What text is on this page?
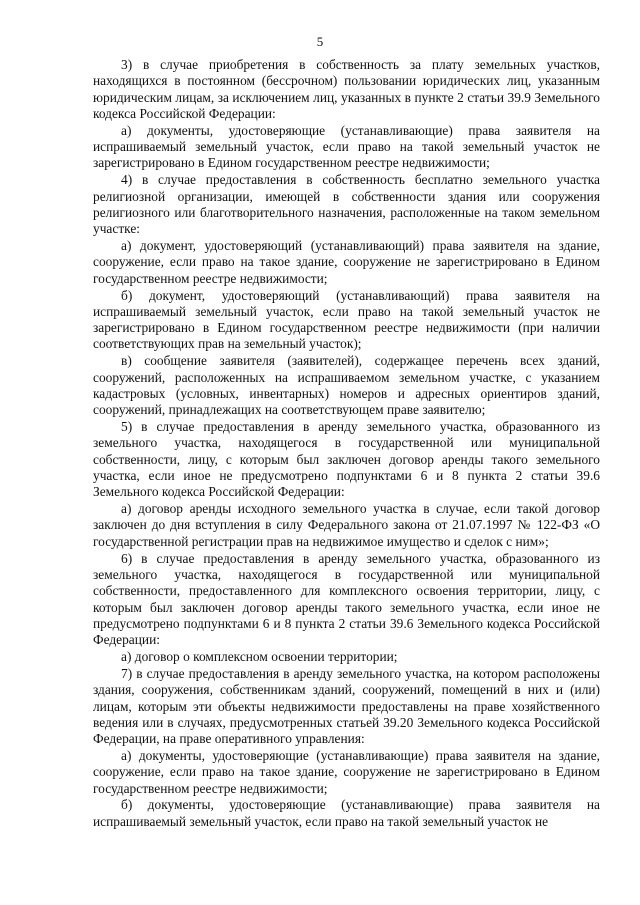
5

3) в случае приобретения в собственность за плату земельных участков, находящихся в постоянном (бессрочном) пользовании юридических лиц, указанным юридическим лицам, за исключением лиц, указанных в пункте 2 статьи 39.9 Земельного кодекса Российской Федерации:

а) документы, удостоверяющие (устанавливающие) права заявителя на испрашиваемый земельный участок, если право на такой земельный участок не зарегистрировано в Едином государственном реестре недвижимости;

4) в случае предоставления в собственность бесплатно земельного участка религиозной организации, имеющей в собственности здания или сооружения религиозного или благотворительного назначения, расположенные на таком земельном участке:

а) документ, удостоверяющий (устанавливающий) права заявителя на здание, сооружение, если право на такое здание, сооружение не зарегистрировано в Едином государственном реестре недвижимости;

б) документ, удостоверяющий (устанавливающий) права заявителя на испрашиваемый земельный участок, если право на такой земельный участок не зарегистрировано в Едином государственном реестре недвижимости (при наличии соответствующих прав на земельный участок);

в) сообщение заявителя (заявителей), содержащее перечень всех зданий, сооружений, расположенных на испрашиваемом земельном участке, с указанием кадастровых (условных, инвентарных) номеров и адресных ориентиров зданий, сооружений, принадлежащих на соответствующем праве заявителю;

5) в случае предоставления в аренду земельного участка, образованного из земельного участка, находящегося в государственной или муниципальной собственности, лицу, с которым был заключен договор аренды такого земельного участка, если иное не предусмотрено подпунктами 6 и 8 пункта 2 статьи 39.6 Земельного кодекса Российской Федерации:

а) договор аренды исходного земельного участка в случае, если такой договор заключен до дня вступления в силу Федерального закона от 21.07.1997 № 122-ФЗ «О государственной регистрации прав на недвижимое имущество и сделок с ним»;

6) в случае предоставления в аренду земельного участка, образованного из земельного участка, находящегося в государственной или муниципальной собственности, предоставленного для комплексного освоения территории, лицу, с которым был заключен договор аренды такого земельного участка, если иное не предусмотрено подпунктами 6 и 8 пункта 2 статьи 39.6 Земельного кодекса Российской Федерации:

а) договор о комплексном освоении территории;

7) в случае предоставления в аренду земельного участка, на котором расположены здания, сооружения, собственникам зданий, сооружений, помещений в них и (или) лицам, которым эти объекты недвижимости предоставлены на праве хозяйственного ведения или в случаях, предусмотренных статьей 39.20 Земельного кодекса Российской Федерации, на праве оперативного управления:

а) документы, удостоверяющие (устанавливающие) права заявителя на здание, сооружение, если право на такое здание, сооружение не зарегистрировано в Едином государственном реестре недвижимости;

б) документы, удостоверяющие (устанавливающие) права заявителя на испрашиваемый земельный участок, если право на такой земельный участок не
